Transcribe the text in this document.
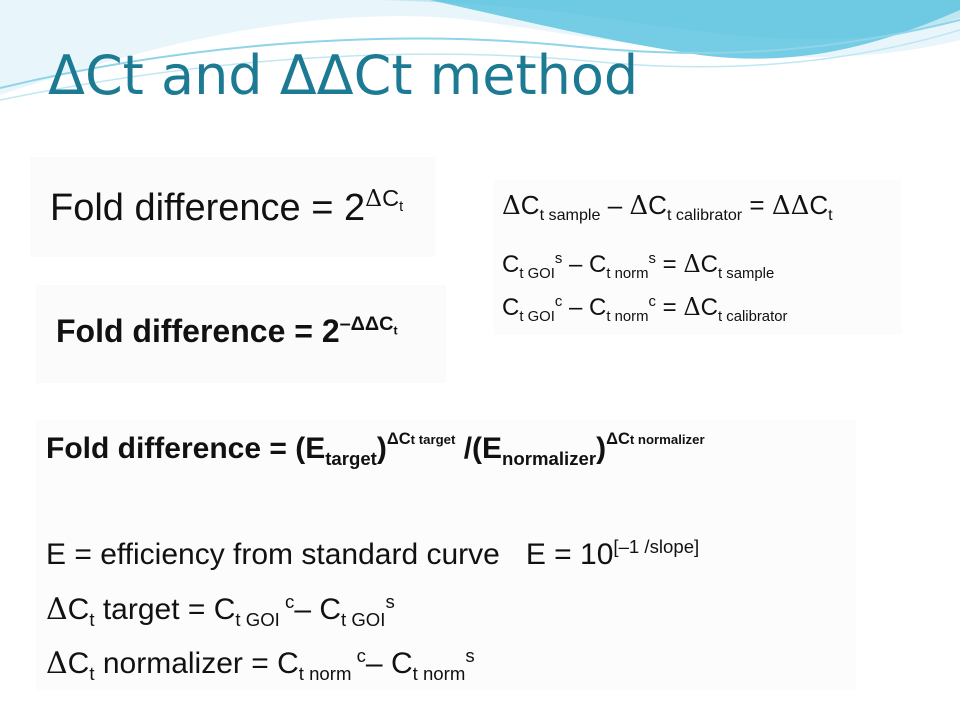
ΔCt and ΔΔCt method
Fold difference = $2^{\Delta C_t}$
Fold difference = $2^{-\Delta\Delta C_t}$
$\Delta C_{t sample} - \Delta C_{t calibrator} = \Delta\Delta C_t$
$C_{t GOI}^s - C_{t norm}^s = \Delta C_{t sample}$
$C_{t GOI}^c - C_{t norm}^c = \Delta C_{t calibrator}$
Fold difference = $(E_{target})^{\Delta Ct target}$ $/(E_{normalizer})^{\Delta Ct normalizer}$
E = efficiency from standard curve E = 10[–1 /slope]
$\Delta C_t$ target = $C_{t GOI}$ $^c$– $C_{t GOI}^s$
$\Delta C_t$ normalizer = $C_{t norm}$ $^c$– $C_{t norm}^s$
